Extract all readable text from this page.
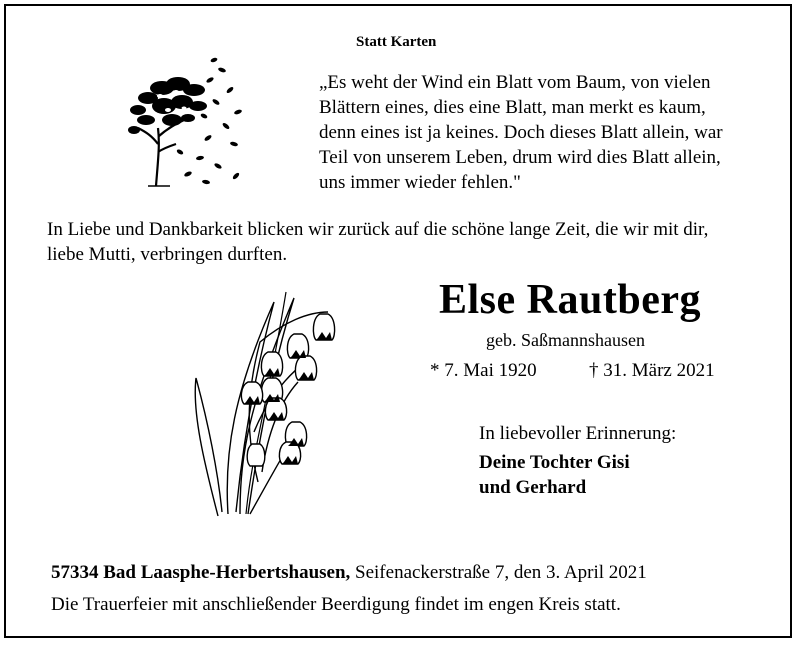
Statt Karten
„Es weht der Wind ein Blatt vom Baum, von vielen
Blättern eines, dies eine Blatt, man merkt es kaum,
denn eines ist ja keines. Doch dieses Blatt allein, war
Teil von unserem Leben, drum wird dies Blatt allein,
uns immer wieder fehlen."
In Liebe und Dankbarkeit blicken wir zurück auf die schöne lange Zeit, die wir mit dir,
liebe Mutti, verbringen durften.
Else Rautberg
geb. Saßmannshausen
* 7. Mai 1920	† 31. März 2021
In liebevoller Erinnerung:
Deine Tochter Gisi
und Gerhard
57334 Bad Laasphe-Herbertshausen, Seifenackerstraße 7, den 3. April 2021
Die Trauerfeier mit anschließender Beerdigung findet im engen Kreis statt.
